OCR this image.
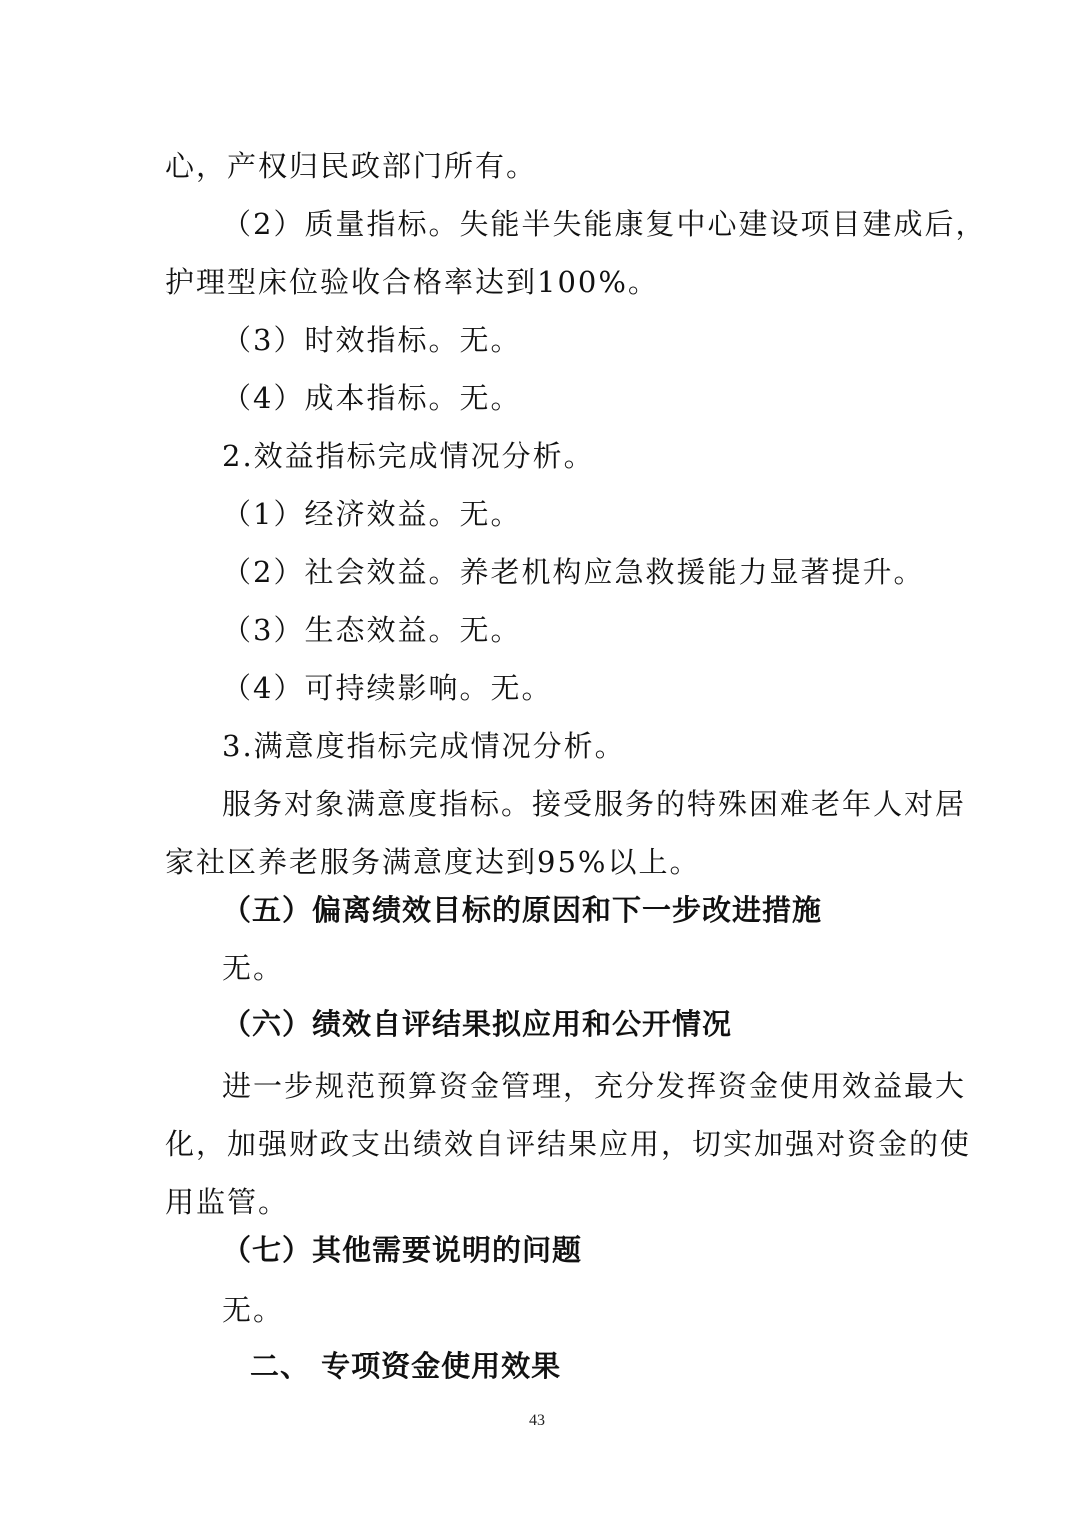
心，产权归民政部门所有。

（2）质量指标。失能半失能康复中心建设项目建成后，

护理型床位验收合格率达到100%。

（3）时效指标。无。

（4）成本指标。无。

2.效益指标完成情况分析。

（1）经济效益。无。

（2）社会效益。养老机构应急救援能力显著提升。

（3）生态效益。无。

（4）可持续影响。无。

3.满意度指标完成情况分析。

服务对象满意度指标。接受服务的特殊困难老年人对居

家社区养老服务满意度达到95%以上。

（五）偏离绩效目标的原因和下一步改进措施

无。

（六）绩效自评结果拟应用和公开情况

进一步规范预算资金管理，充分发挥资金使用效益最大

化，加强财政支出绩效自评结果应用，切实加强对资金的使

用监管。

（七）其他需要说明的问题

无。

二、 专项资金使用效果
43
